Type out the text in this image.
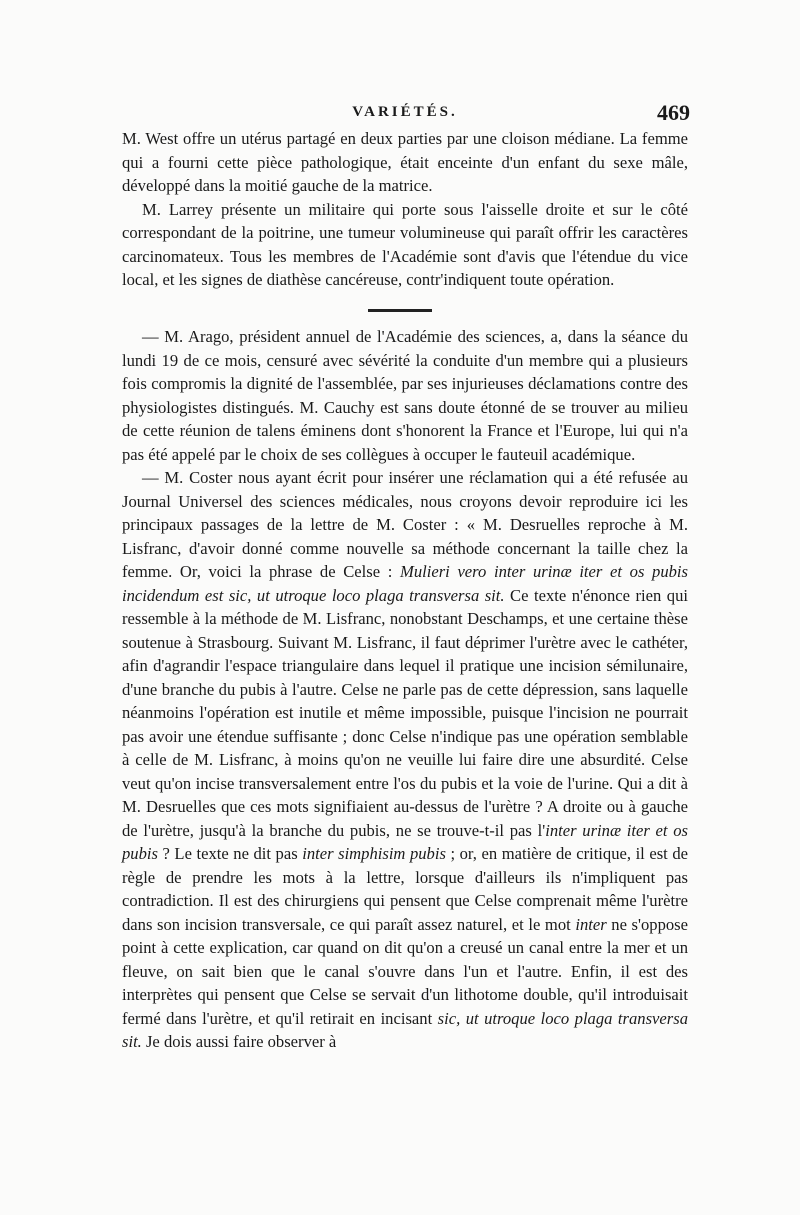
VARIÉTÉS.	469

M. West offre un utérus partagé en deux parties par une cloison médiane. La femme qui a fourni cette pièce pathologique, était enceinte d'un enfant du sexe mâle, développé dans la moitié gauche de la matrice.

M. Larrey présente un militaire qui porte sous l'aisselle droite et sur le côté correspondant de la poitrine, une tumeur volumineuse qui paraît offrir les caractères carcinomateux. Tous les membres de l'Académie sont d'avis que l'étendue du vice local, et les signes de diathèse cancéreuse, contr'indiquent toute opération.

— M. Arago, président annuel de l'Académie des sciences, a, dans la séance du lundi 19 de ce mois, censuré avec sévérité la conduite d'un membre qui a plusieurs fois compromis la dignité de l'assemblée, par ses injurieuses déclamations contre des physiologistes distingués. M. Cauchy est sans doute étonné de se trouver au milieu de cette réunion de talens éminens dont s'honorent la France et l'Europe, lui qui n'a pas été appelé par le choix de ses collègues à occuper le fauteuil académique.

— M. Coster nous ayant écrit pour insérer une réclamation qui a été refusée au Journal Universel des sciences médicales, nous croyons devoir reproduire ici les principaux passages de la lettre de M. Coster : « M. Desruelles reproche à M. Lisfranc, d'avoir donné comme nouvelle sa méthode concernant la taille chez la femme. Or, voici la phrase de Celse : Mulieri vero inter urinæ iter et os pubis incidendum est sic, ut utroque loco plaga transversa sit. Ce texte n'énonce rien qui ressemble à la méthode de M. Lisfranc, nonobstant Deschamps, et une certaine thèse soutenue à Strasbourg. Suivant M. Lisfranc, il faut déprimer l'urètre avec le cathéter, afin d'agrandir l'espace triangulaire dans lequel il pratique une incision sémilunaire, d'une branche du pubis à l'autre. Celse ne parle pas de cette dépression, sans laquelle néanmoins l'opération est inutile et même impossible, puisque l'incision ne pourrait pas avoir une étendue suffisante ; donc Celse n'indique pas une opération semblable à celle de M. Lisfranc, à moins qu'on ne veuille lui faire dire une absurdité. Celse veut qu'on incise transversalement entre l'os du pubis et la voie de l'urine. Qui a dit à M. Desruelles que ces mots signifiaient au-dessus de l'urètre ? A droite ou à gauche de l'urètre, jusqu'à la branche du pubis, ne se trouve-t-il pas l'inter urinæ iter et os pubis ? Le texte ne dit pas inter simphisim pubis ; or, en matière de critique, il est de règle de prendre les mots à la lettre, lorsque d'ailleurs ils n'impliquent pas contradiction. Il est des chirurgiens qui pensent que Celse comprenait même l'urètre dans son incision transversale, ce qui paraît assez naturel, et le mot inter ne s'oppose point à cette explication, car quand on dit qu'on a creusé un canal entre la mer et un fleuve, on sait bien que le canal s'ouvre dans l'un et l'autre. Enfin, il est des interprètes qui pensent que Celse se servait d'un lithotome double, qu'il introduisait fermé dans l'urètre, et qu'il retirait en incisant sic, ut utroque loco plaga transversa sit. Je dois aussi faire observer à
